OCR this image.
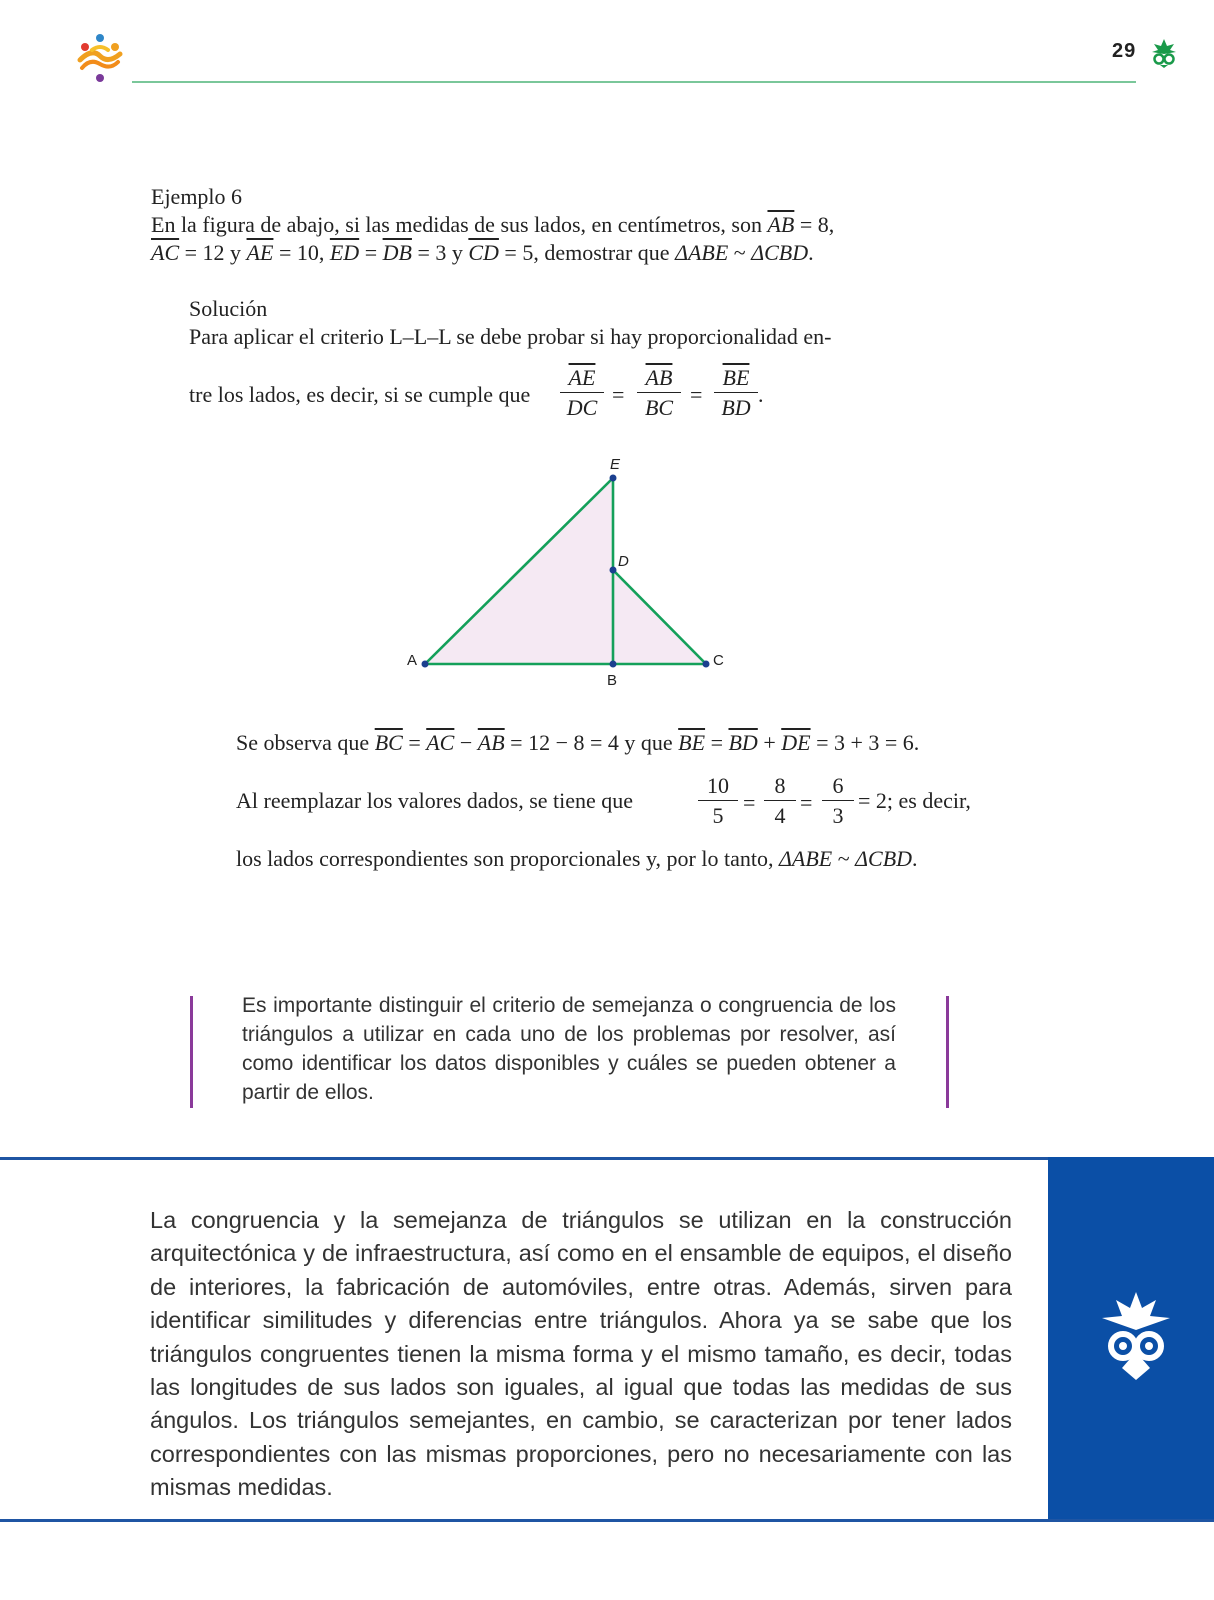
29
Ejemplo 6
En la figura de abajo, si las medidas de sus lados, en centímetros, son $\overline{AB} = 8$,
$\overline{AC} = 12$ y $\overline{AE} = 10$, $\overline{ED} = \overline{DB} = 3$ y $\overline{CD} = 5$, demostrar que ΔABE ~ ΔCBD.
Solución
Para aplicar el criterio L–L–L se debe probar si hay proporcionalidad en-
tre los lados, es decir, si se cumple que $\frac{\overline{AE}}{DC} = \frac{\overline{AB}}{BC} = \frac{\overline{BE}}{BD}$ .
A
B
C
D
E
Se observa que $\overline{BC} = \overline{AC} - \overline{AB} = 12 - 8 = 4$ y que $\overline{BE} = \overline{BD} + \overline{DE} = 3 + 3 = 6$.
Al reemplazar los valores dados, se tiene que	$\frac{10}{5} = \frac{8}{4} = \frac{6}{3} = 2$; es decir,
los lados correspondientes son proporcionales y, por lo tanto, ΔABE ~ ΔCBD.
Es importante distinguir el criterio de semejanza o congruencia de los triángulos a utilizar en cada uno de los problemas por resolver, así como identificar los datos disponibles y cuáles se pueden obtener a partir de ellos.
La congruencia y la semejanza de triángulos se utilizan en la construcción arquitectónica y de infraestructura, así como en el ensamble de equipos, el diseño de interiores, la fabricación de automóviles, entre otras. Además, sirven para identificar similitudes y diferencias entre triángulos. Ahora ya se sabe que los triángulos congruentes tienen la misma forma y el mismo tamaño, es decir, todas las longitudes de sus lados son iguales, al igual que todas las medidas de sus ángulos. Los triángulos semejantes, en cambio, se caracterizan por tener lados correspondientes con las mismas proporciones, pero no necesariamente con las mismas medidas.
